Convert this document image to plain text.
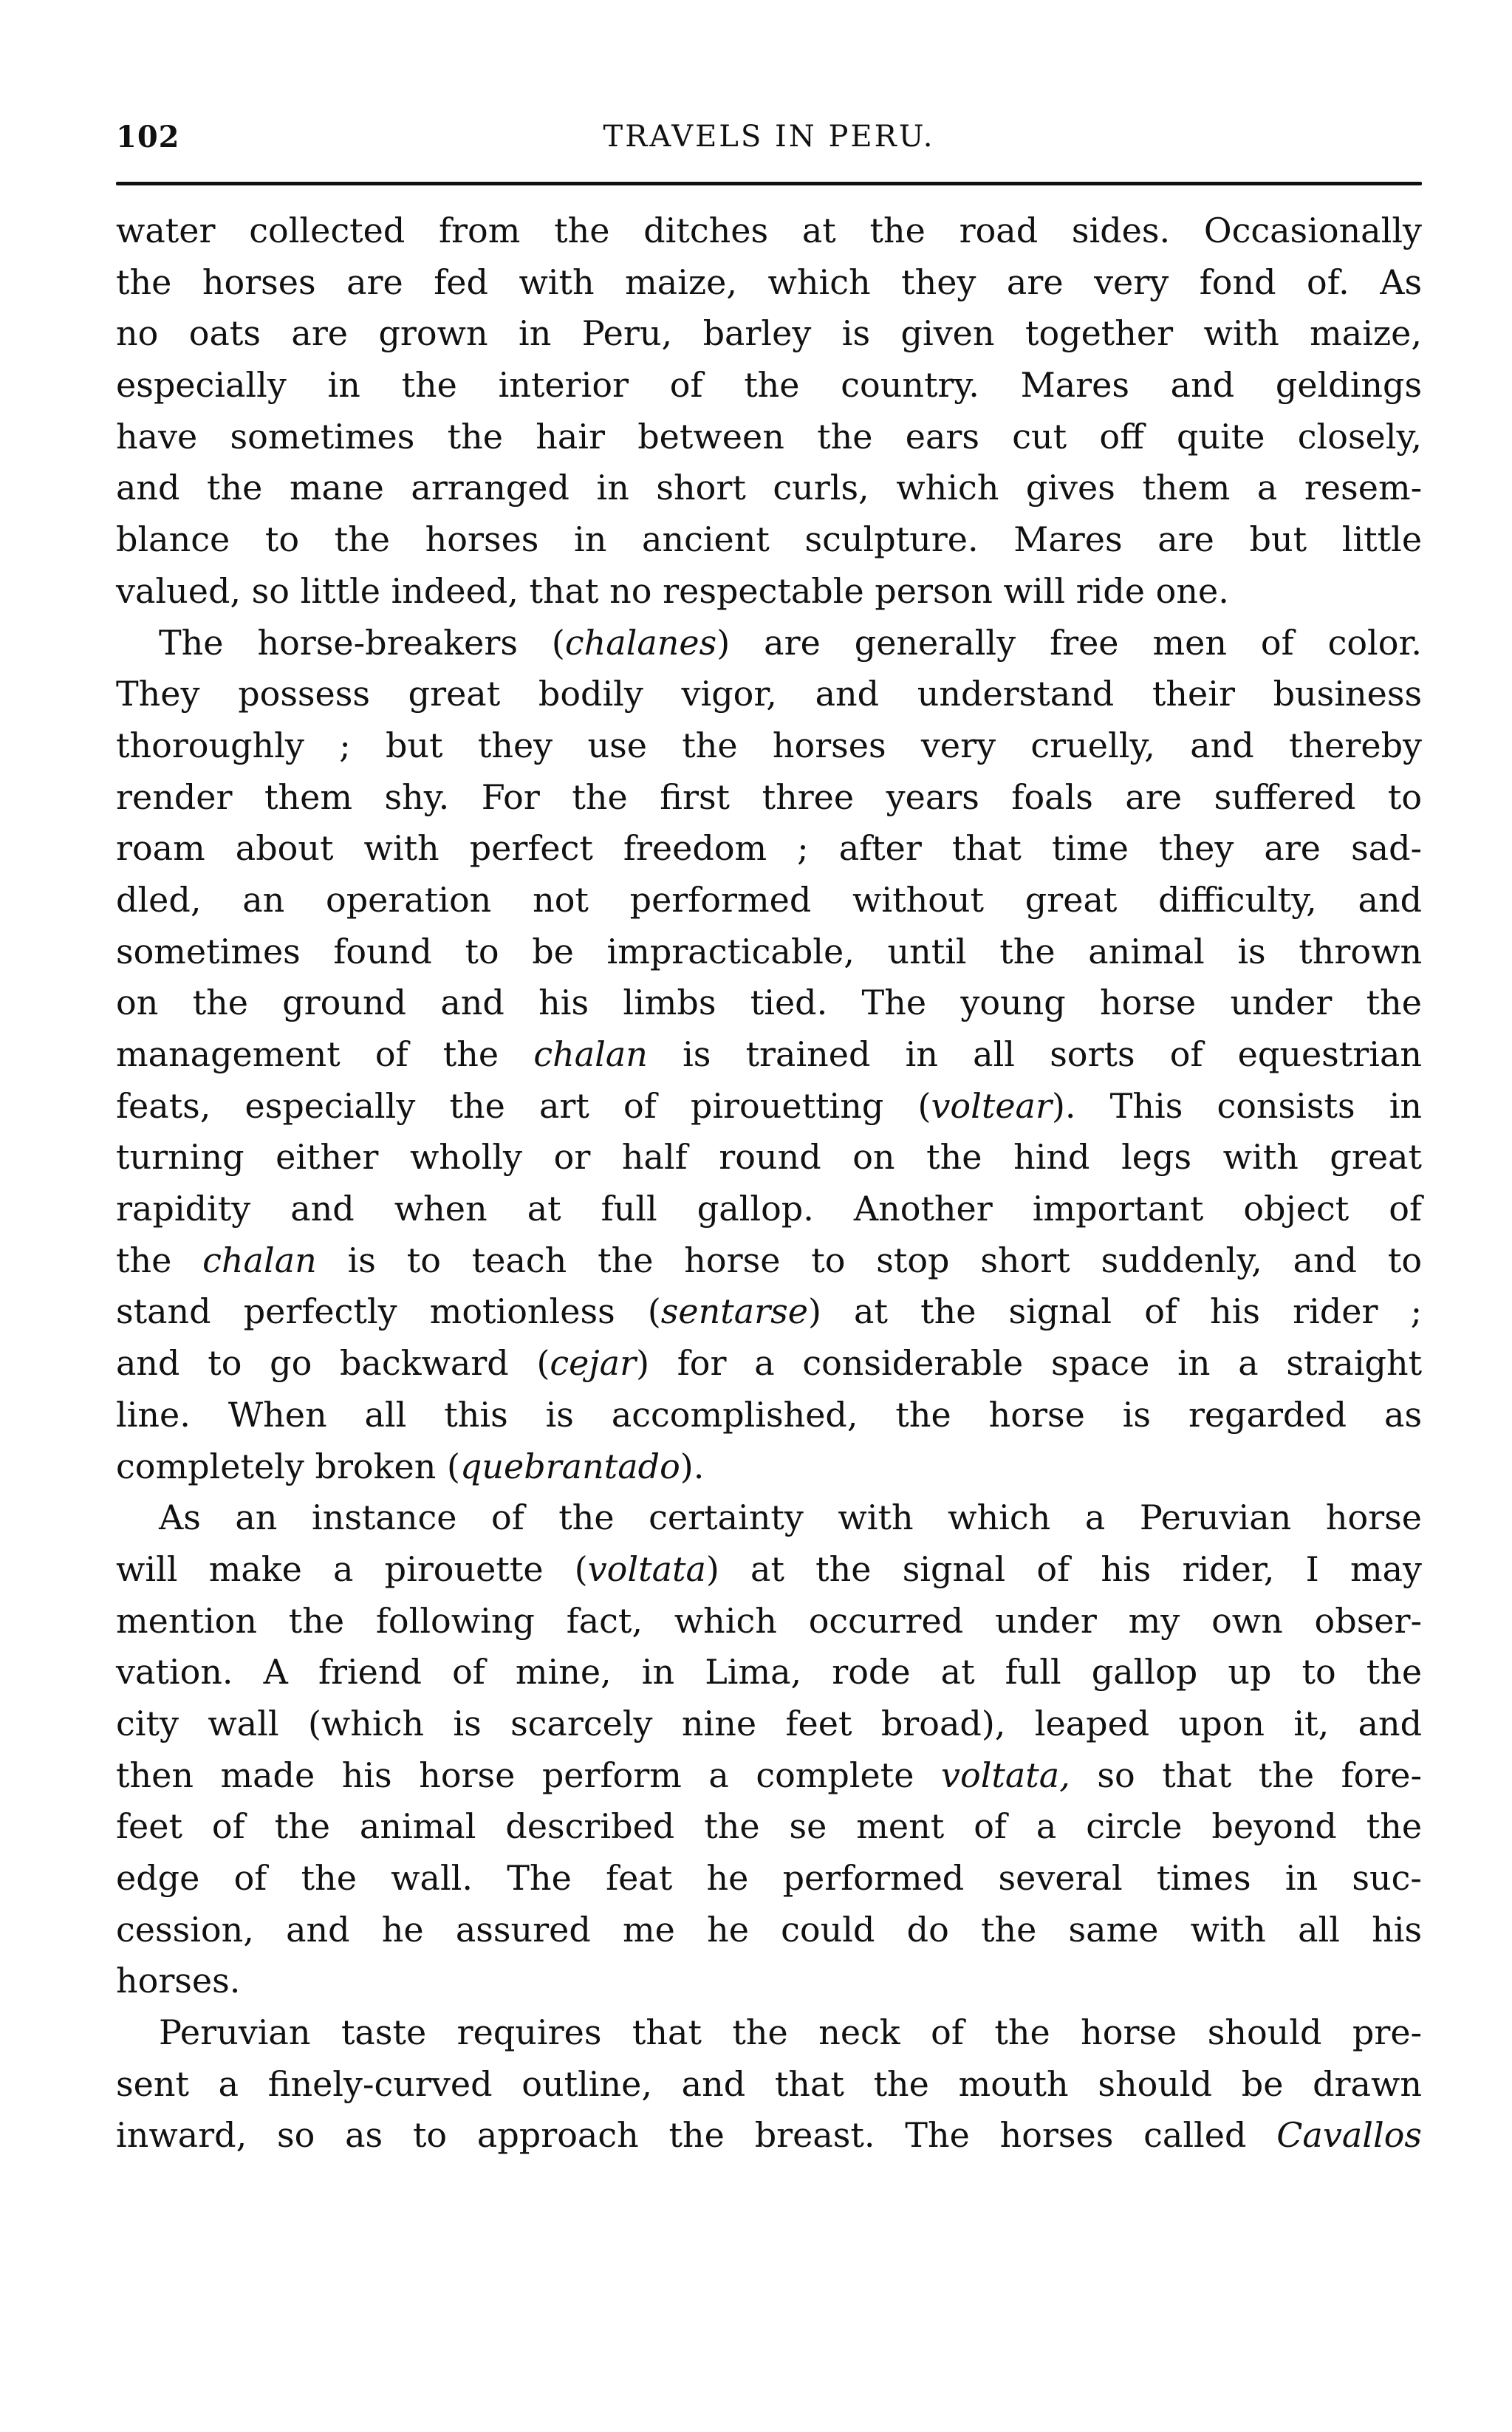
102	TRAVELS IN PERU.
water collected from the ditches at the road sides. Occasionally
the horses are fed with maize, which they are very fond of. As
no oats are grown in Peru, barley is given together with maize,
especially in the interior of the country. Mares and geldings
have sometimes the hair between the ears cut off quite closely,
and the mane arranged in short curls, which gives them a resem-
blance to the horses in ancient sculpture. Mares are but little
valued, so little indeed, that no respectable person will ride one.
The horse-breakers (chalanes) are generally free men of color.
They possess great bodily vigor, and understand their business
thoroughly ; but they use the horses very cruelly, and thereby
render them shy. For the first three years foals are suffered to
roam about with perfect freedom ; after that time they are sad-
dled, an operation not performed without great difficulty, and
sometimes found to be impracticable, until the animal is thrown
on the ground and his limbs tied. The young horse under the
management of the chalan is trained in all sorts of equestrian
feats, especially the art of pirouetting (voltear). This consists in
turning either wholly or half round on the hind legs with great
rapidity and when at full gallop. Another important object of
the chalan is to teach the horse to stop short suddenly, and to
stand perfectly motionless (sentarse) at the signal of his rider ;
and to go backward (cejar) for a considerable space in a straight
line. When all this is accomplished, the horse is regarded as
completely broken (quebrantado).
As an instance of the certainty with which a Peruvian horse
will make a pirouette (voltata) at the signal of his rider, I may
mention the following fact, which occurred under my own obser-
vation. A friend of mine, in Lima, rode at full gallop up to the
city wall (which is scarcely nine feet broad), leaped upon it, and
then made his horse perform a complete voltata, so that the fore-
feet of the animal described the se ment of a circle beyond the
edge of the wall. The feat he performed several times in suc-
cession, and he assured me he could do the same with all his
horses.
Peruvian taste requires that the neck of the horse should pre-
sent a finely-curved outline, and that the mouth should be drawn
inward, so as to approach the breast. The horses called Cavallos
